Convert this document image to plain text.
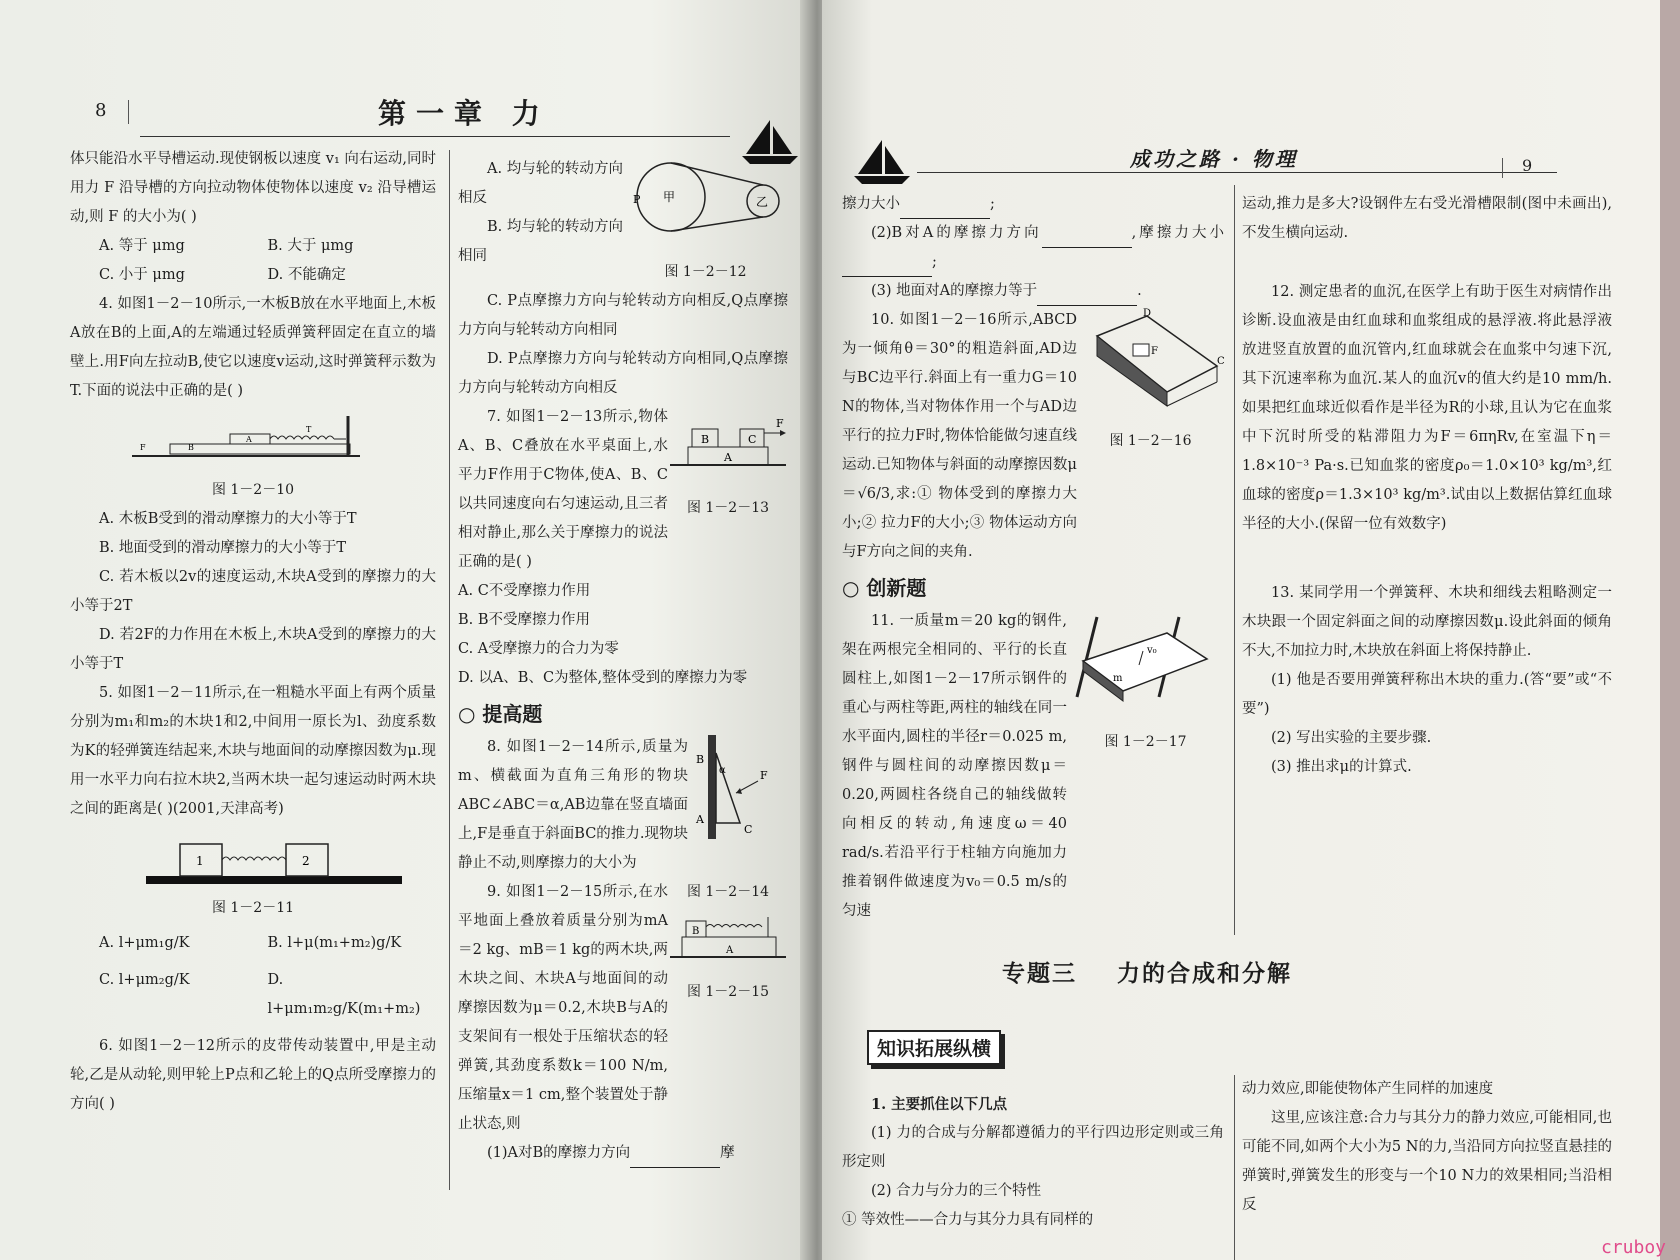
8	第一章 力

体只能沿水平导槽运动.现使钢板以速度 v₁ 向右运动,同时用力 F 沿导槽的方向拉动物体使物体以速度 v₂ 沿导槽运动,则 F 的大小为( )

A. 等于 μmg	B. 大于 μmg
C. 小于 μmg	D. 不能确定

4. 如图1－2－10所示,一木板B放在水平地面上,木板A放在B的上面,A的左端通过轻质弹簧秤固定在直立的墙壁上.用F向左拉动B,使它以速度v运动,这时弹簧秤示数为T.下面的说法中正确的是( )

F	B
A
T

图 1－2－10

A. 木板B受到的滑动摩擦力的大小等于T

B. 地面受到的滑动摩擦力的大小等于T

C. 若木板以2v的速度运动,木块A受到的摩擦力的大小等于2T

D. 若2F的力作用在木板上,木块A受到的摩擦力的大小等于T

5. 如图1－2－11所示,在一粗糙水平面上有两个质量分别为m₁和m₂的木块1和2,中间用一原长为l、劲度系数为K的轻弹簧连结起来,木块与地面间的动摩擦因数为μ.现用一水平力向右拉木块2,当两木块一起匀速运动时两木块之间的距离是( )(2001,天津高考)

1	2

图 1－2－11

A. l+μm₁g/K	B. l+μ(m₁+m₂)g/K
C. l+μm₂g/K	D. l+μm₁m₂g/K(m₁+m₂)

6. 如图1－2－12所示的皮带传动装置中,甲是主动轮,乙是从动轮,则甲轮上P点和乙轮上的Q点所受摩擦力的方向( )

A. 均与轮的转动方向相反

B. 均与轮的转动方向相同

P 甲	乙

图 1－2－12

C. P点摩擦力方向与轮转动方向相反,Q点摩擦力方向与轮转动方向相同

D. P点摩擦力方向与轮转动方向相同,Q点摩擦力方向与轮转动方向相反

7. 如图1－2－13所示,物体A、B、C叠放在水平桌面上,水平力F作用于C物体,使A、B、C以共同速度向右匀速运动,且三者相对静止,那么关于摩擦力的说法正确的是( )

B	C
A
F

图 1－2－13

A. C不受摩擦力作用

B. B不受摩擦力作用

C. A受摩擦力的合力为零

D. 以A、B、C为整体,整体受到的摩擦力为零

○ 提高题

8. 如图1－2－14所示,质量为m、横截面为直角三角形的物块ABC∠ABC＝α,AB边靠在竖直墙面上,F是垂直于斜面BC的推力.现物块静止不动,则摩擦力的大小为

B
A
C
F
α

9. 如图1－2－15所示,在水平地面上叠放着质量分别为mA＝2 kg、mB＝1 kg的两木块,两木块之间、木块A与地面间的动摩擦因数为μ＝0.2,木块B与A的支架间有一根处于压缩状态的轻弹簧,其劲度系数k＝100 N/m,压缩量x＝1 cm,整个装置处于静止状态,则

图 1－2－14

B
A

图 1－2－15

(1)A对B的摩擦力方向	摩

成功之路 · 物理	9

擦力大小	;

(2)B对A的摩擦力方向	,摩擦力大小;

(3) 地面对A的摩擦力等于	.

10. 如图1－2－16所示,ABCD为一倾角θ＝30°的粗造斜面,AD边与BC边平行.斜面上有一重力G＝10 N的物体,当对物体作用一个与AD边平行的拉力F时,物体恰能做匀速直线运动.已知物体与斜面的动摩擦因数μ＝√6/3,求:① 物体受到的摩擦力大小;② 拉力F的大小;③ 物体运动方向与F方向之间的夹角.

D
C
F

图 1－2－16

○ 创新题

11. 一质量m＝20 kg的钢件,架在两根完全相同的、平行的长直圆柱上,如图1－2－17所示钢件的重心与两柱等距,两柱的轴线在同一水平面内,圆柱的半径r＝0.025 m,钢件与圆柱间的动摩擦因数μ＝0.20,两圆柱各绕自己的轴线做转向相反的转动,角速度ω＝40 rad/s.若沿平行于柱轴方向施加力推着钢件做速度为v₀＝0.5 m/s的匀速

v₀
m

图 1－2－17

运动,推力是多大?设钢件左右受光滑槽限制(图中未画出),不发生横向运动.

12. 测定患者的血沉,在医学上有助于医生对病情作出诊断.设血液是由红血球和血浆组成的悬浮液.将此悬浮液放进竖直放置的血沉管内,红血球就会在血浆中匀速下沉,其下沉速率称为血沉.某人的血沉v的值大约是10 mm/h.如果把红血球近似看作是半径为R的小球,且认为它在血浆中下沉时所受的粘滞阻力为F＝6πηRv,在室温下η＝1.8×10⁻³ Pa·s.已知血浆的密度ρ₀＝1.0×10³ kg/m³,红血球的密度ρ＝1.3×10³ kg/m³.试由以上数据估算红血球半径的大小.(保留一位有效数字)

13. 某同学用一个弹簧秤、木块和细线去粗略测定一木块跟一个固定斜面之间的动摩擦因数μ.设此斜面的倾角不大,不加拉力时,木块放在斜面上将保持静止.

(1) 他是否要用弹簧秤称出木块的重力.(答“要”或“不要”)

(2) 写出实验的主要步骤.

(3) 推出求μ的计算式.

专题三    力的合成和分解
知识拓展纵横

1. 主要抓住以下几点

(1) 力的合成与分解都遵循力的平行四边形定则或三角形定则

(2) 合力与分力的三个特性

① 等效性——合力与其分力具有同样的

动力效应,即能使物体产生同样的加速度

这里,应该注意:合力与其分力的静力效应,可能相同,也可能不同,如两个大小为5 N的力,当沿同方向拉竖直悬挂的弹簧时,弹簧发生的形变与一个10 N力的效果相同;当沿相反

cruboy
